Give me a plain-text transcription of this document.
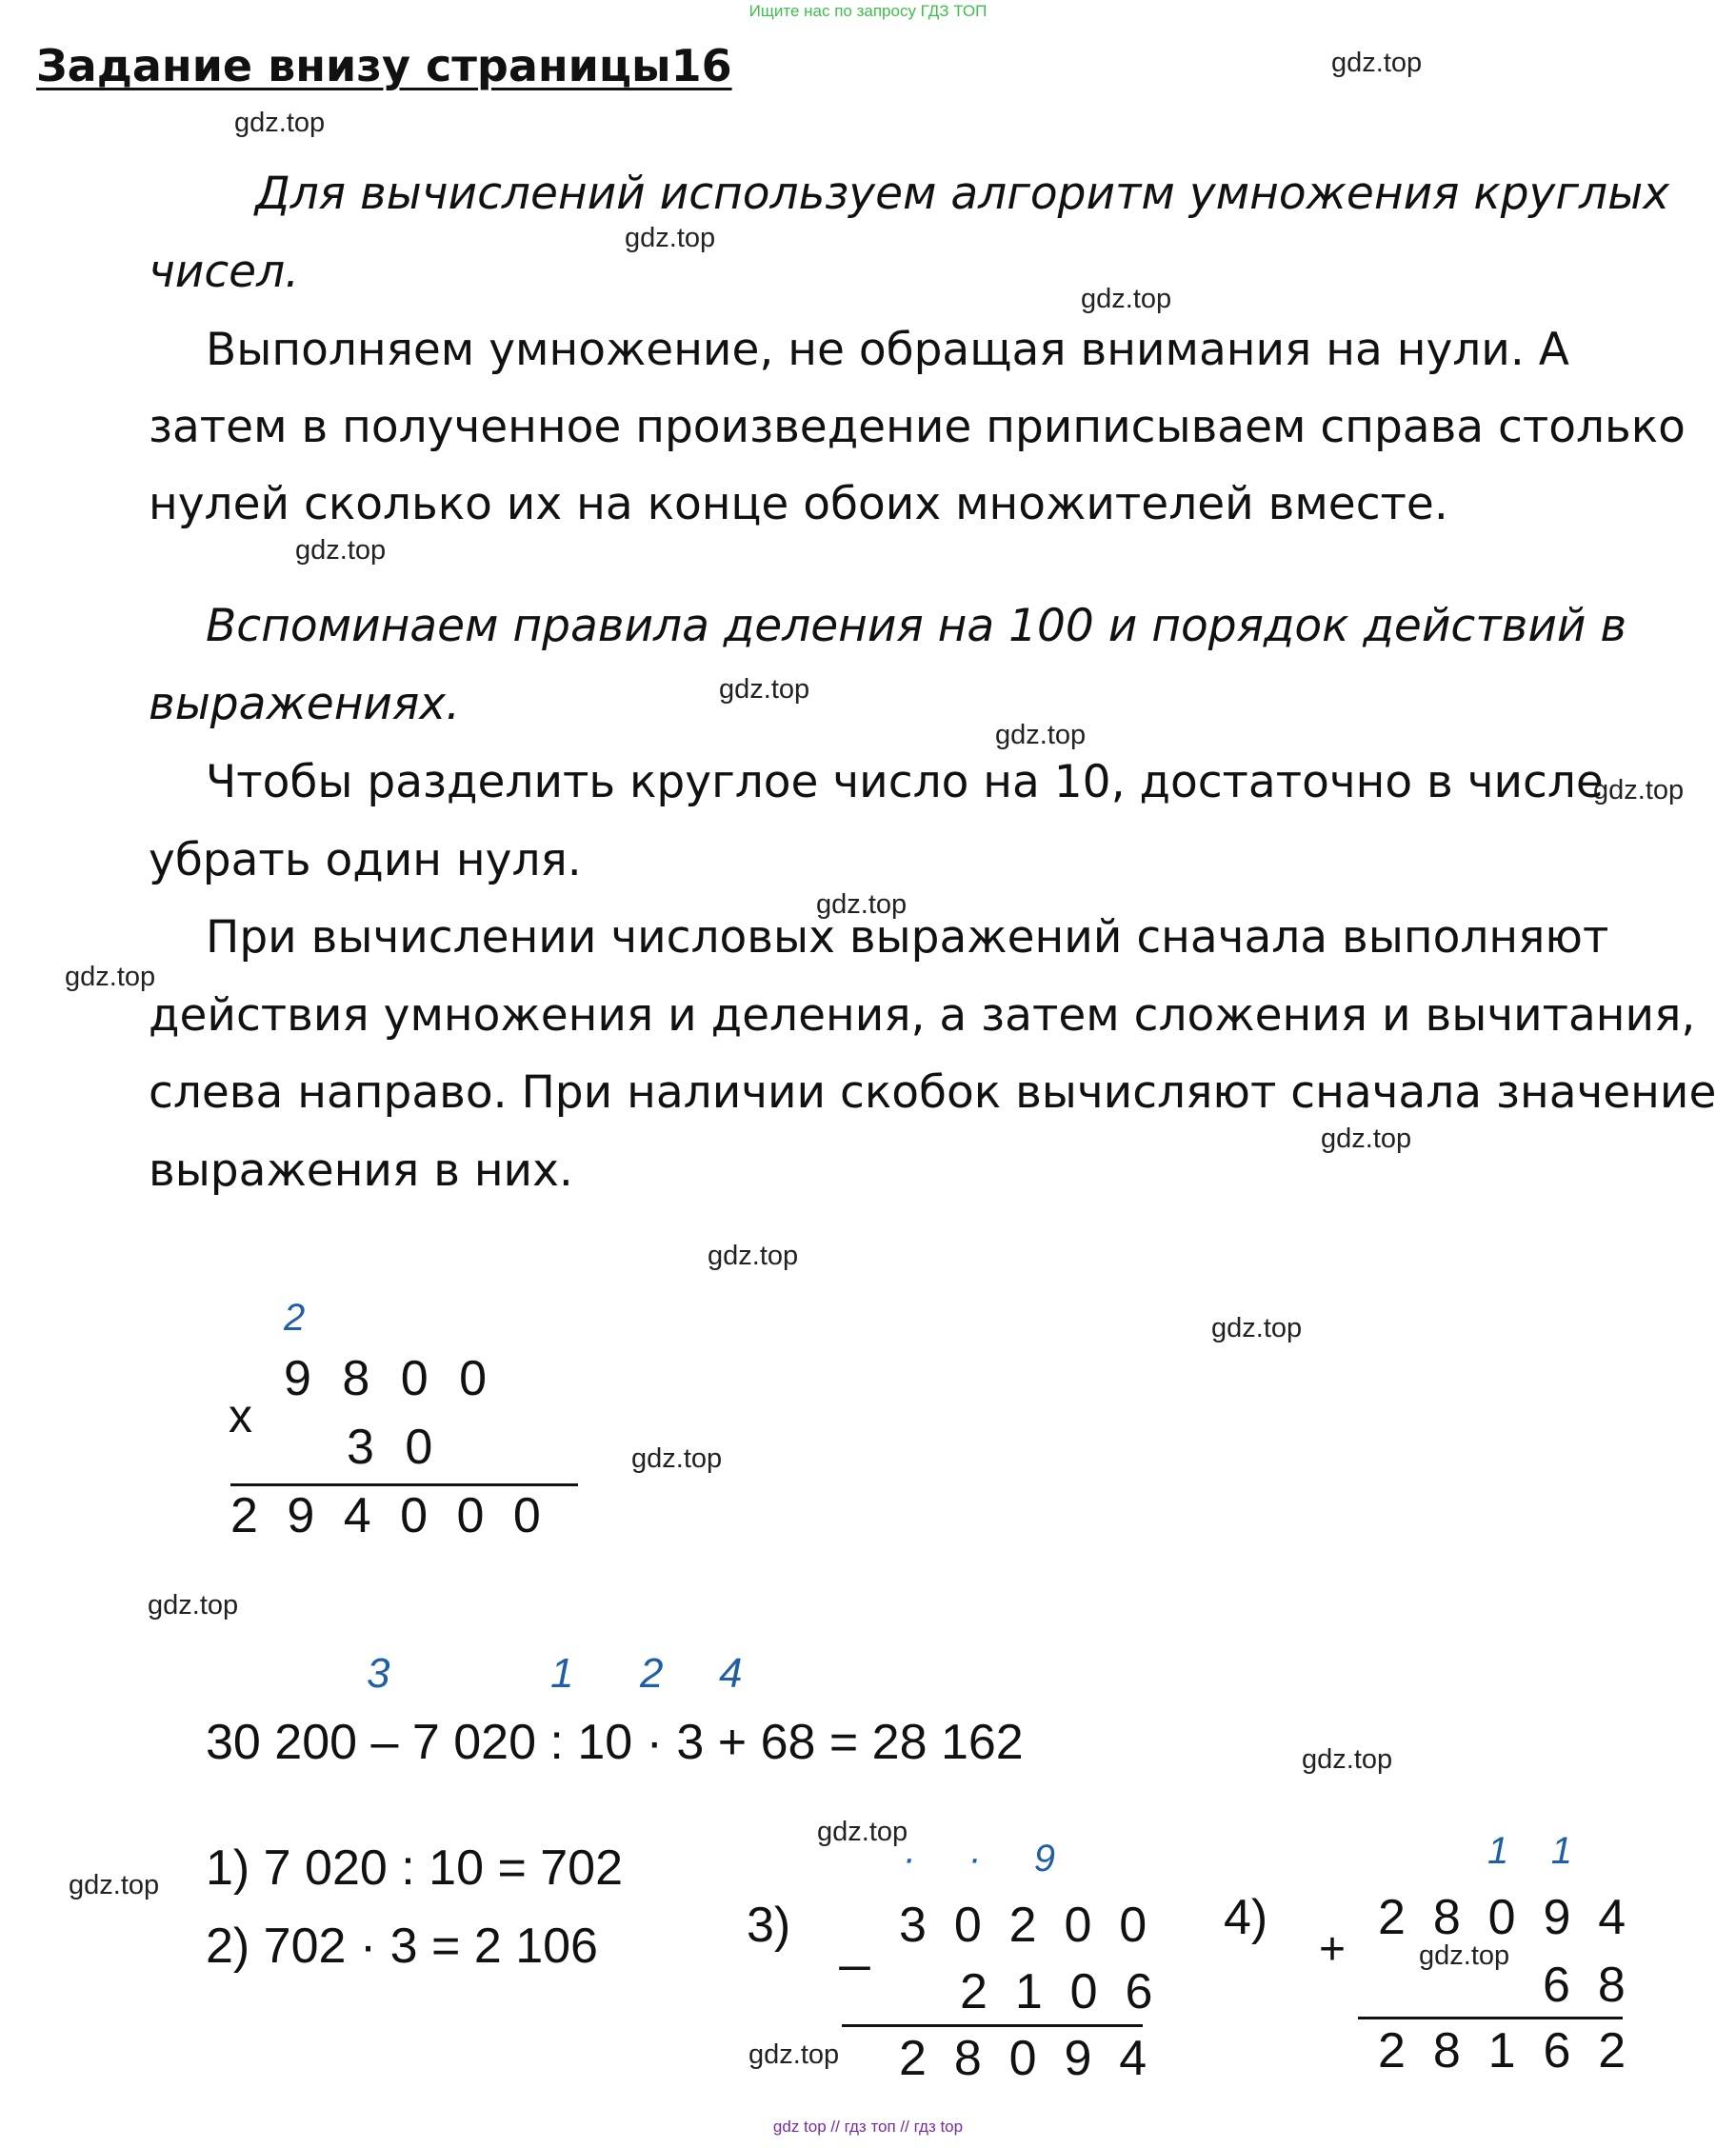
Ищите нас по запросу ГДЗ ТОП
Задание внизу страницы16	gdz.top
gdz.top
gdz.top
gdz.top
gdz.top
gdz.top
gdz.top
gdz.top
gdz.top
gdz.top
gdz.top
gdz.top
gdz.top
gdz.top
gdz.top
gdz.top
gdz.top
gdz.top
gdz.top
gdz.top
Для вычислений используем алгоритм умножения круглых
чисел.
Выполняем умножение, не обращая внимания на нули. А
затем в полученное произведение приписываем справа столько
нулей сколько их на конце обоих множителей вместе.
Вспоминаем правила деления на 100 и порядок действий в
выражениях.
Чтобы разделить круглое число на 10, достаточно в числе
убрать один нуля.
При вычислении числовых выражений сначала выполняют
действия умножения и деления, а затем сложения и вычитания,
слева направо. При наличии скобок вычисляют сначала значение
выражения в них.
2
9 8 0 0
x
3 0
2 9 4 0 0 0
3	1 2 4
30 200 – 7 020 : 10 · 3 + 68 = 28 162
1) 7 020 : 10 = 702
2) 702 · 3 = 2 106
·     ·     9
3) 3  0  2  0  0
_
2  1  0  6
2  8  0  9  4
1    1
4) 2  8  0  9  4
+
6  8
2  8  1  6  2
gdz top // гдз топ // гдз top
